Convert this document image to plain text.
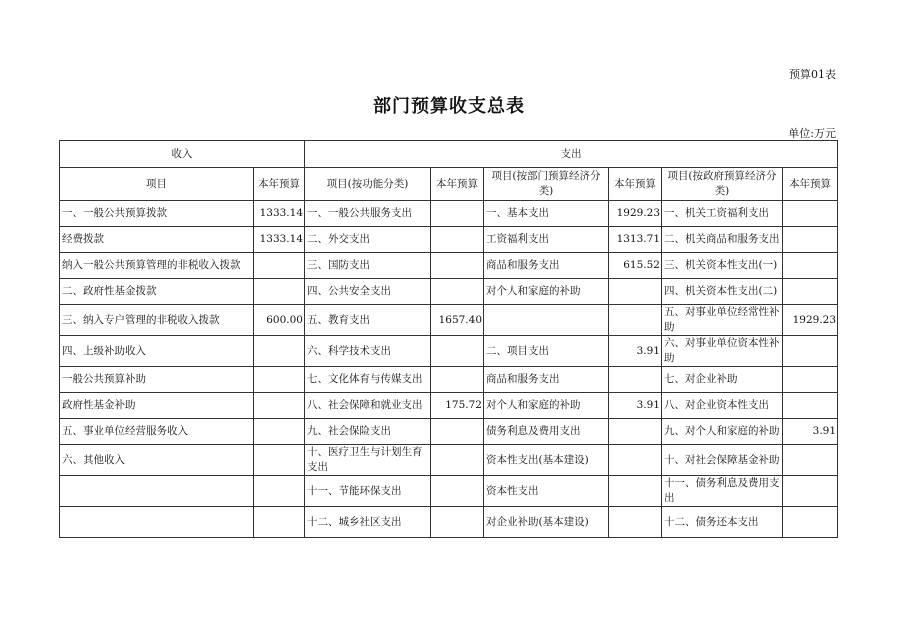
预算01表
部门预算收支总表
单位:万元
收入		支出					
项目	本年预算	项目(按功能分类)	本年预算	项目(按部门预算经济分类)	本年预算	项目(按政府预算经济分类)	本年预算
一、一般公共预算拨款	1333.14	一、一般公共服务支出		一、基本支出	1929.23	一、机关工资福利支出	
经费拨款	1333.14	二、外交支出		工资福利支出	1313.71	二、机关商品和服务支出	
纳入一般公共预算管理的非税收入拨款		三、国防支出		商品和服务支出	615.52	三、机关资本性支出(一)	
二、政府性基金拨款		四、公共安全支出		对个人和家庭的补助		四、机关资本性支出(二)	
三、纳入专户管理的非税收入拨款	600.00	五、教育支出	1657.40			五、对事业单位经常性补助	1929.23
四、上级补助收入		六、科学技术支出		二、项目支出	3.91	六、对事业单位资本性补助	
一般公共预算补助		七、文化体育与传媒支出		商品和服务支出		七、对企业补助	
政府性基金补助		八、社会保障和就业支出	175.72	对个人和家庭的补助	3.91	八、对企业资本性支出	
五、事业单位经营服务收入		九、社会保险支出		债务利息及费用支出		九、对个人和家庭的补助	3.91
六、其他收入		十、医疗卫生与计划生育支出		资本性支出(基本建设)		十、对社会保障基金补助	
		十一、节能环保支出		资本性支出		十一、债务利息及费用支出	
		十二、城乡社区支出		对企业补助(基本建设)		十二、债务还本支出	
